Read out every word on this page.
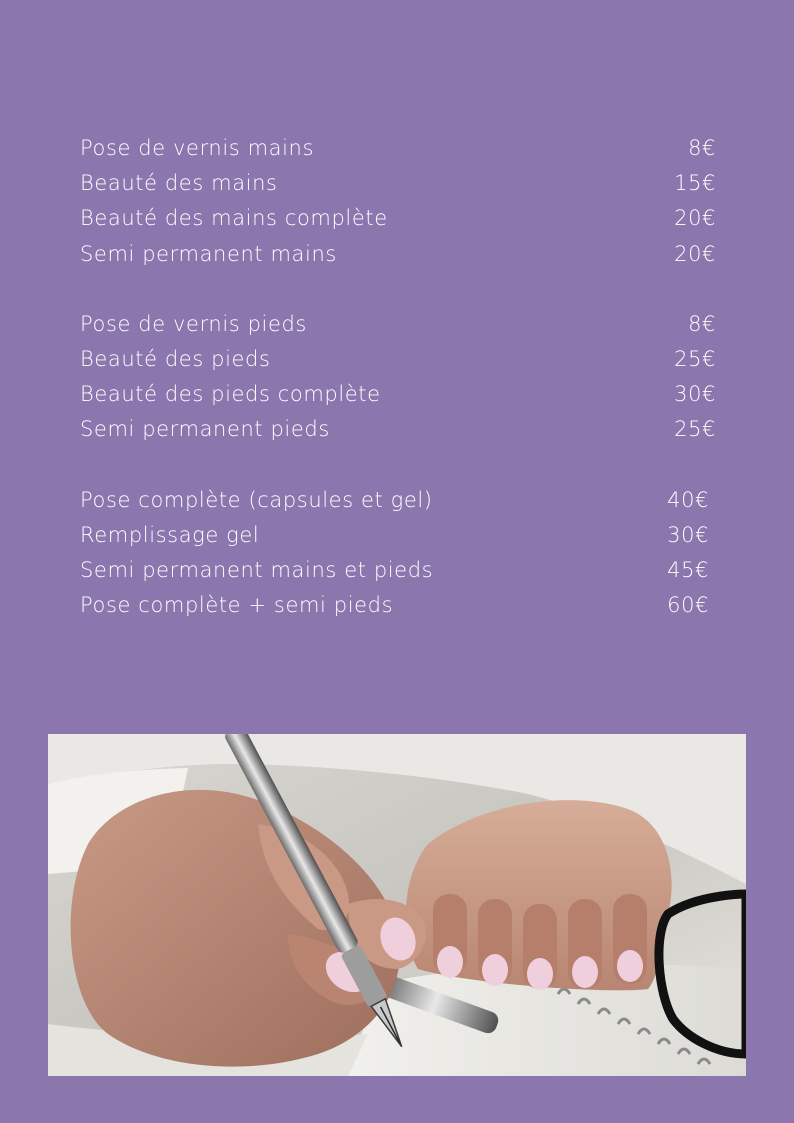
Pose de vernis mains	8€
Beauté des mains	15€
Beauté des mains complète	20€
Semi permanent mains	20€
Pose de vernis pieds	8€
Beauté des pieds	25€
Beauté des pieds complète	30€
Semi permanent pieds	25€
Pose complète (capsules et gel)	40€
Remplissage gel	30€
Semi permanent mains et pieds	45€
Pose complète + semi pieds	60€
